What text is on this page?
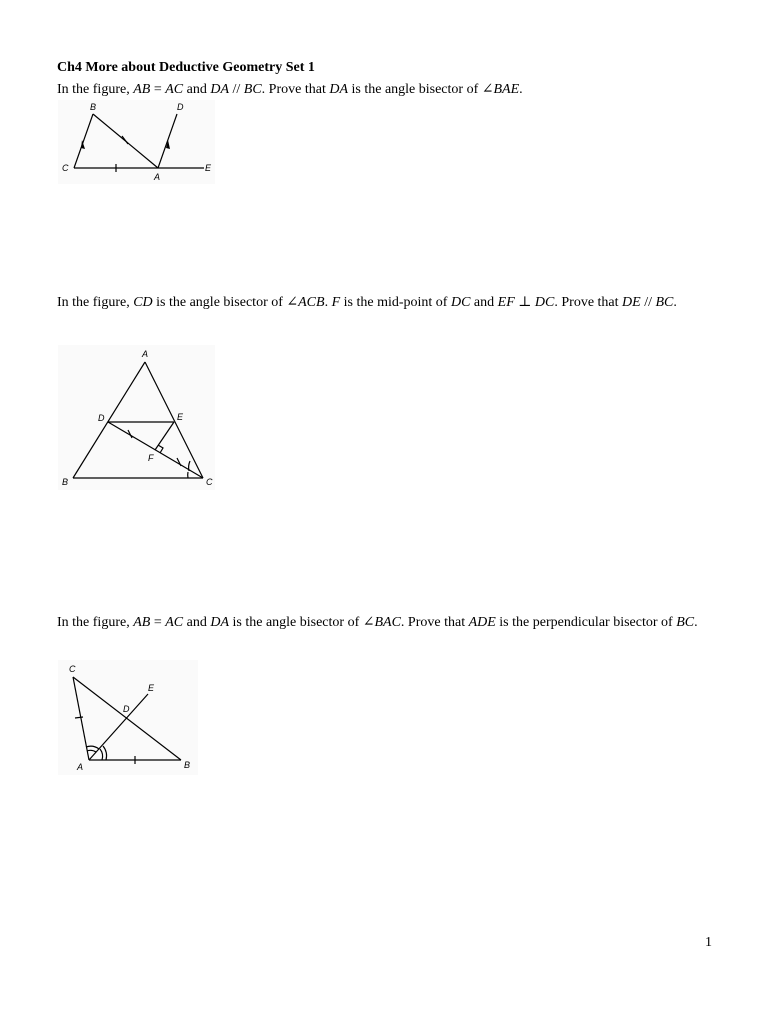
Ch4 More about Deductive Geometry Set 1
In the figure, AB = AC and DA // BC. Prove that DA is the angle bisector of ∠BAE.
B	D
C
A
E
In the figure, CD is the angle bisector of ∠ACB. F is the mid-point of DC and EF ⊥ DC. Prove that DE // BC.
A
D	E
F
B	C
In the figure, AB = AC and DA is the angle bisector of ∠BAC. Prove that ADE is the perpendicular bisector of BC.
C
E
D
A	B
1
